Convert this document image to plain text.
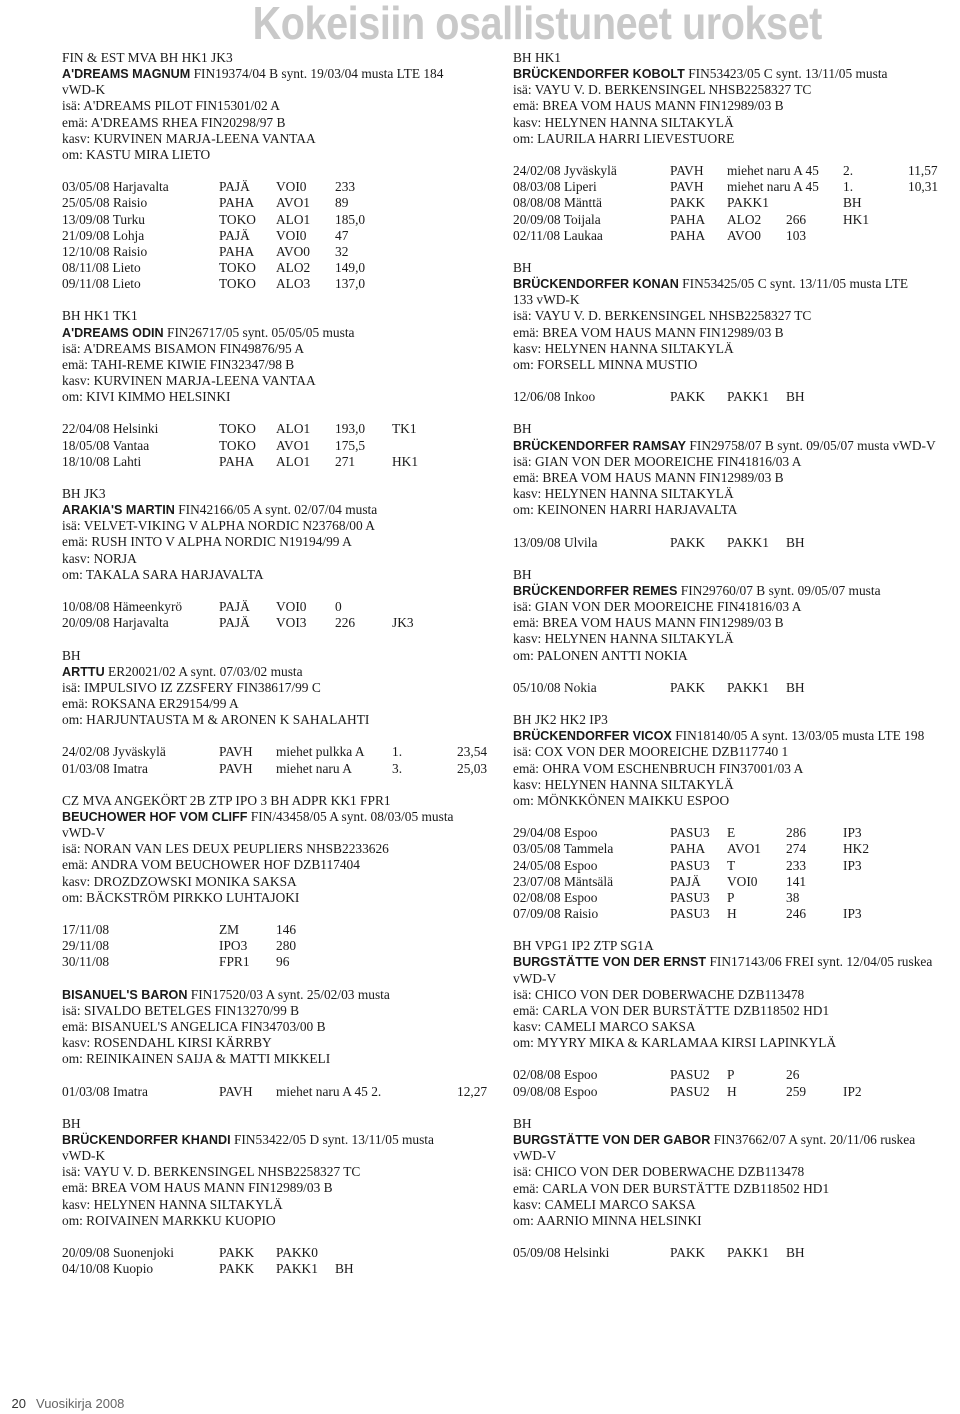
Kokeisiin osallistuneet urokset
FIN & EST MVA BH HK1 JK3
A'DREAMS MAGNUM FIN19374/04 B synt. 19/03/04 musta LTE 184
vWD-K
isä: A'DREAMS PILOT FIN15301/02 A
emä: A'DREAMS RHEA FIN20298/97 B
kasv: KURVINEN MARJA-LEENA VANTAA
om: KASTU MIRA LIETO
03/05/08 Harjavalta	PAJÄ VOI0 233
25/05/08 Raisio	PAHA AVO1 89
13/09/08 Turku	TOKO ALO1 185,0
21/09/08 Lohja	PAJÄ VOI0 47
12/10/08 Raisio	PAHA AVO0 32
08/11/08 Lieto	TOKO ALO2 149,0
09/11/08 Lieto	TOKO ALO3 137,0
BH HK1 TK1
A'DREAMS ODIN FIN26717/05 synt. 05/05/05 musta
isä: A'DREAMS BISAMON FIN49876/95 A
emä: TAHI-REME KIWIE FIN32347/98 B
kasv: KURVINEN MARJA-LEENA VANTAA
om: KIVI KIMMO HELSINKI
22/04/08 Helsinki	TOKO ALO1 193,0 TK1
18/05/08 Vantaa	TOKO AVO1 175,5
18/10/08 Lahti	PAHA ALO1 271	HK1
BH JK3
ARAKIA'S MARTIN FIN42166/05 A synt. 02/07/04 musta
isä: VELVET-VIKING V ALPHA NORDIC N23768/00 A
emä: RUSH INTO V ALPHA NORDIC N19194/99 A
kasv: NORJA
om: TAKALA SARA HARJAVALTA
10/08/08 Hämeenkyrö	PAJÄ VOI0 0
20/09/08 Harjavalta	PAJÄ VOI3 226	JK3
BH
ARTTU ER20021/02 A synt. 07/03/02 musta
isä: IMPULSIVO IZ ZZSFERY FIN38617/99 C
emä: ROKSANA ER29154/99 A
om: HARJUNTAUSTA M & ARONEN K SAHALAHTI
24/02/08 Jyväskylä	PAVH miehet pulkka A 1.	23,54
01/03/08 Imatra	PAVH miehet naru A	3.	25,03
CZ MVA ANGEKÖRT 2B ZTP IPO 3 BH ADPR KK1 FPR1
BEUCHOWER HOF VOM CLIFF FIN/43458/05 A synt. 08/03/05 musta
vWD-V
isä: NORAN VAN LES DEUX PEUPLIERS NHSB2233626
emä: ANDRA VOM BEUCHOWER HOF DZB117404
kasv: DROZDZOWSKI MONIKA SAKSA
om: BÄCKSTRÖM PIRKKO LUHTAJOKI
17/11/08	ZM	146
29/11/08	IPO3 280
30/11/08	FPR1 96
BISANUEL'S BARON FIN17520/03 A synt. 25/02/03 musta
isä: SIVALDO BETELGES FIN13270/99 B
emä: BISANUEL'S ANGELICA FIN34703/00 B
kasv: ROSENDAHL KIRSI KÄRRBY
om: REINIKAINEN SAIJA & MATTI MIKKELI
01/03/08 Imatra	PAVH miehet naru A 45 2.	12,27
BH
BRÜCKENDORFER KHANDI FIN53422/05 D synt. 13/11/05 musta
vWD-K
isä: VAYU V. D. BERKENSINGEL NHSB2258327 TC
emä: BREA VOM HAUS MANN FIN12989/03 B
kasv: HELYNEN HANNA SILTAKYLÄ
om: ROIVAINEN MARKKU KUOPIO
20/09/08 Suonenjoki	PAKK PAKK0
04/10/08 Kuopio	PAKK PAKK1 BH
BH HK1
BRÜCKENDORFER KOBOLT FIN53423/05 C synt. 13/11/05 musta
isä: VAYU V. D. BERKENSINGEL NHSB2258327 TC
emä: BREA VOM HAUS MANN FIN12989/03 B
kasv: HELYNEN HANNA SILTAKYLÄ
om: LAURILA HARRI LIEVESTUORE
24/02/08 Jyväskylä	PAVH miehet naru A 45 2.	11,57
08/03/08 Liperi	PAVH miehet naru A 45 1.	10,31
08/08/08 Mänttä	PAKK PAKK1	BH
20/09/08 Toijala	PAHA ALO2 266	HK1
02/11/08 Laukaa	PAHA AVO0 103
BH
BRÜCKENDORFER KONAN FIN53425/05 C synt. 13/11/05 musta LTE
133 vWD-K
isä: VAYU V. D. BERKENSINGEL NHSB2258327 TC
emä: BREA VOM HAUS MANN FIN12989/03 B
kasv: HELYNEN HANNA SILTAKYLÄ
om: FORSELL MINNA MUSTIO
12/06/08 Inkoo	PAKK PAKK1 BH
BH
BRÜCKENDORFER RAMSAY FIN29758/07 B synt. 09/05/07 musta vWD-V
isä: GIAN VON DER MOOREICHE FIN41816/03 A
emä: BREA VOM HAUS MANN FIN12989/03 B
kasv: HELYNEN HANNA SILTAKYLÄ
om: KEINONEN HARRI HARJAVALTA
13/09/08 Ulvila	PAKK PAKK1 BH
BH
BRÜCKENDORFER REMES FIN29760/07 B synt. 09/05/07 musta
isä: GIAN VON DER MOOREICHE FIN41816/03 A
emä: BREA VOM HAUS MANN FIN12989/03 B
kasv: HELYNEN HANNA SILTAKYLÄ
om: PALONEN ANTTI NOKIA
05/10/08 Nokia	PAKK PAKK1 BH
BH JK2 HK2 IP3
BRÜCKENDORFER VICOX FIN18140/05 A synt. 13/03/05 musta LTE 198
isä: COX VON DER MOOREICHE DZB117740 1
emä: OHRA VOM ESCHENBRUCH FIN37001/03 A
kasv: HELYNEN HANNA SILTAKYLÄ
om: MÖNKKÖNEN MAIKKU ESPOO
29/04/08 Espoo	PASU3 E	286	IP3
03/05/08 Tammela	PAHA AVO1 274	HK2
24/05/08 Espoo	PASU3 T	233	IP3
23/07/08 Mäntsälä	PAJÄ VOI0 141
02/08/08 Espoo	PASU3 P	38
07/09/08 Raisio	PASU3 H	246	IP3
BH VPG1 IP2 ZTP SG1A
BURGSTÄTTE VON DER ERNST FIN17143/06 FREI synt. 12/04/05 ruskea
vWD-V
isä: CHICO VON DER DOBERWACHE DZB113478
emä: CARLA VON DER BURSTÄTTE DZB118502 HD1
kasv: CAMELI MARCO SAKSA
om: MYYRY MIKA & KARLAMAA KIRSI LAPINKYLÄ
02/08/08 Espoo	PASU2 P	26
09/08/08 Espoo	PASU2 H	259	IP2
BH
BURGSTÄTTE VON DER GABOR FIN37662/07 A synt. 20/11/06 ruskea
vWD-V
isä: CHICO VON DER DOBERWACHE DZB113478
emä: CARLA VON DER BURSTÄTTE DZB118502 HD1
kasv: CAMELI MARCO SAKSA
om: AARNIO MINNA HELSINKI
05/09/08 Helsinki	PAKK PAKK1 BH
20 Vuosikirja 2008
